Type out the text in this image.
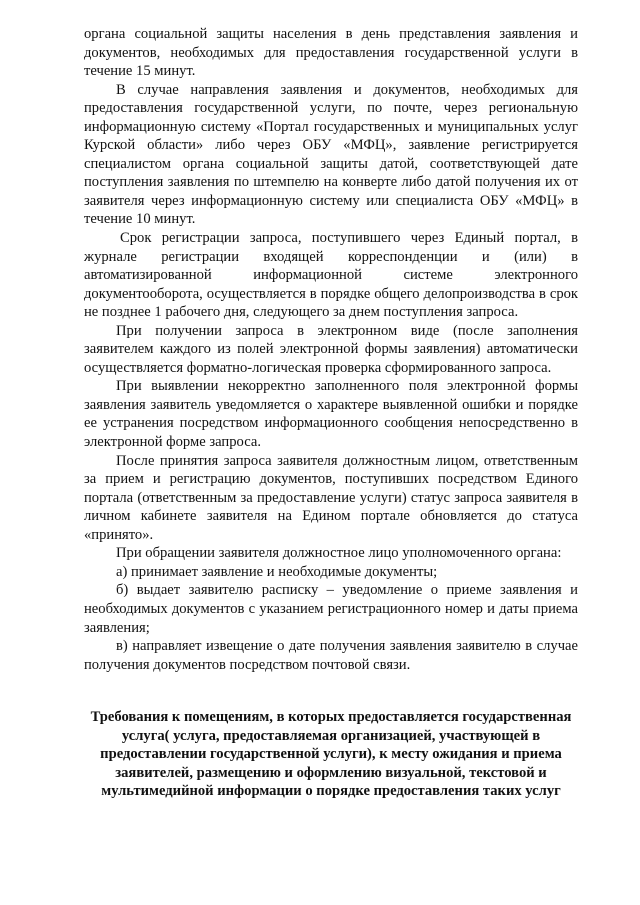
органа социальной защиты населения в день представления заявления и документов, необходимых для предоставления государственной услуги в течение 15 минут.

В случае направления заявления и документов, необходимых для предоставления государственной услуги, по почте, через региональную информационную систему «Портал государственных и муниципальных услуг Курской области» либо через ОБУ «МФЦ», заявление регистрируется специалистом органа социальной защиты датой, соответствующей дате поступления заявления по штемпелю на конверте либо датой получения их от заявителя через информационную систему или специалиста ОБУ «МФЦ» в течение 10 минут.

Срок регистрации запроса, поступившего через Единый портал, в журнале регистрации входящей корреспонденции и (или) в автоматизированной информационной системе электронного документооборота, осуществляется в порядке общего делопроизводства в срок не позднее 1 рабочего дня, следующего за днем поступления запроса.

При получении запроса в электронном виде (после заполнения заявителем каждого из полей электронной формы заявления) автоматически осуществляется форматно-логическая проверка сформированного запроса.

При выявлении некорректно заполненного поля электронной формы заявления заявитель уведомляется о характере выявленной ошибки и порядке ее устранения посредством информационного сообщения непосредственно в электронной форме запроса.

После принятия запроса заявителя должностным лицом, ответственным за прием и регистрацию документов, поступивших посредством Единого портала (ответственным за предоставление услуги) статус запроса заявителя в личном кабинете заявителя на Едином портале обновляется до статуса «принято».

При обращении заявителя должностное лицо уполномоченного органа:

а) принимает заявление и необходимые документы;

б) выдает заявителю расписку – уведомление о приеме заявления и необходимых документов с указанием регистрационного номер и даты приема заявления;

в) направляет извещение о дате получения заявления заявителю в случае получения документов посредством почтовой связи.

Требования к помещениям, в которых предоставляется государственная услуга( услуга, предоставляемая организацией, участвующей в предоставлении государственной услуги), к месту ожидания и приема заявителей, размещению и оформлению визуальной, текстовой и мультимедийной информации о порядке предоставления таких услуг
